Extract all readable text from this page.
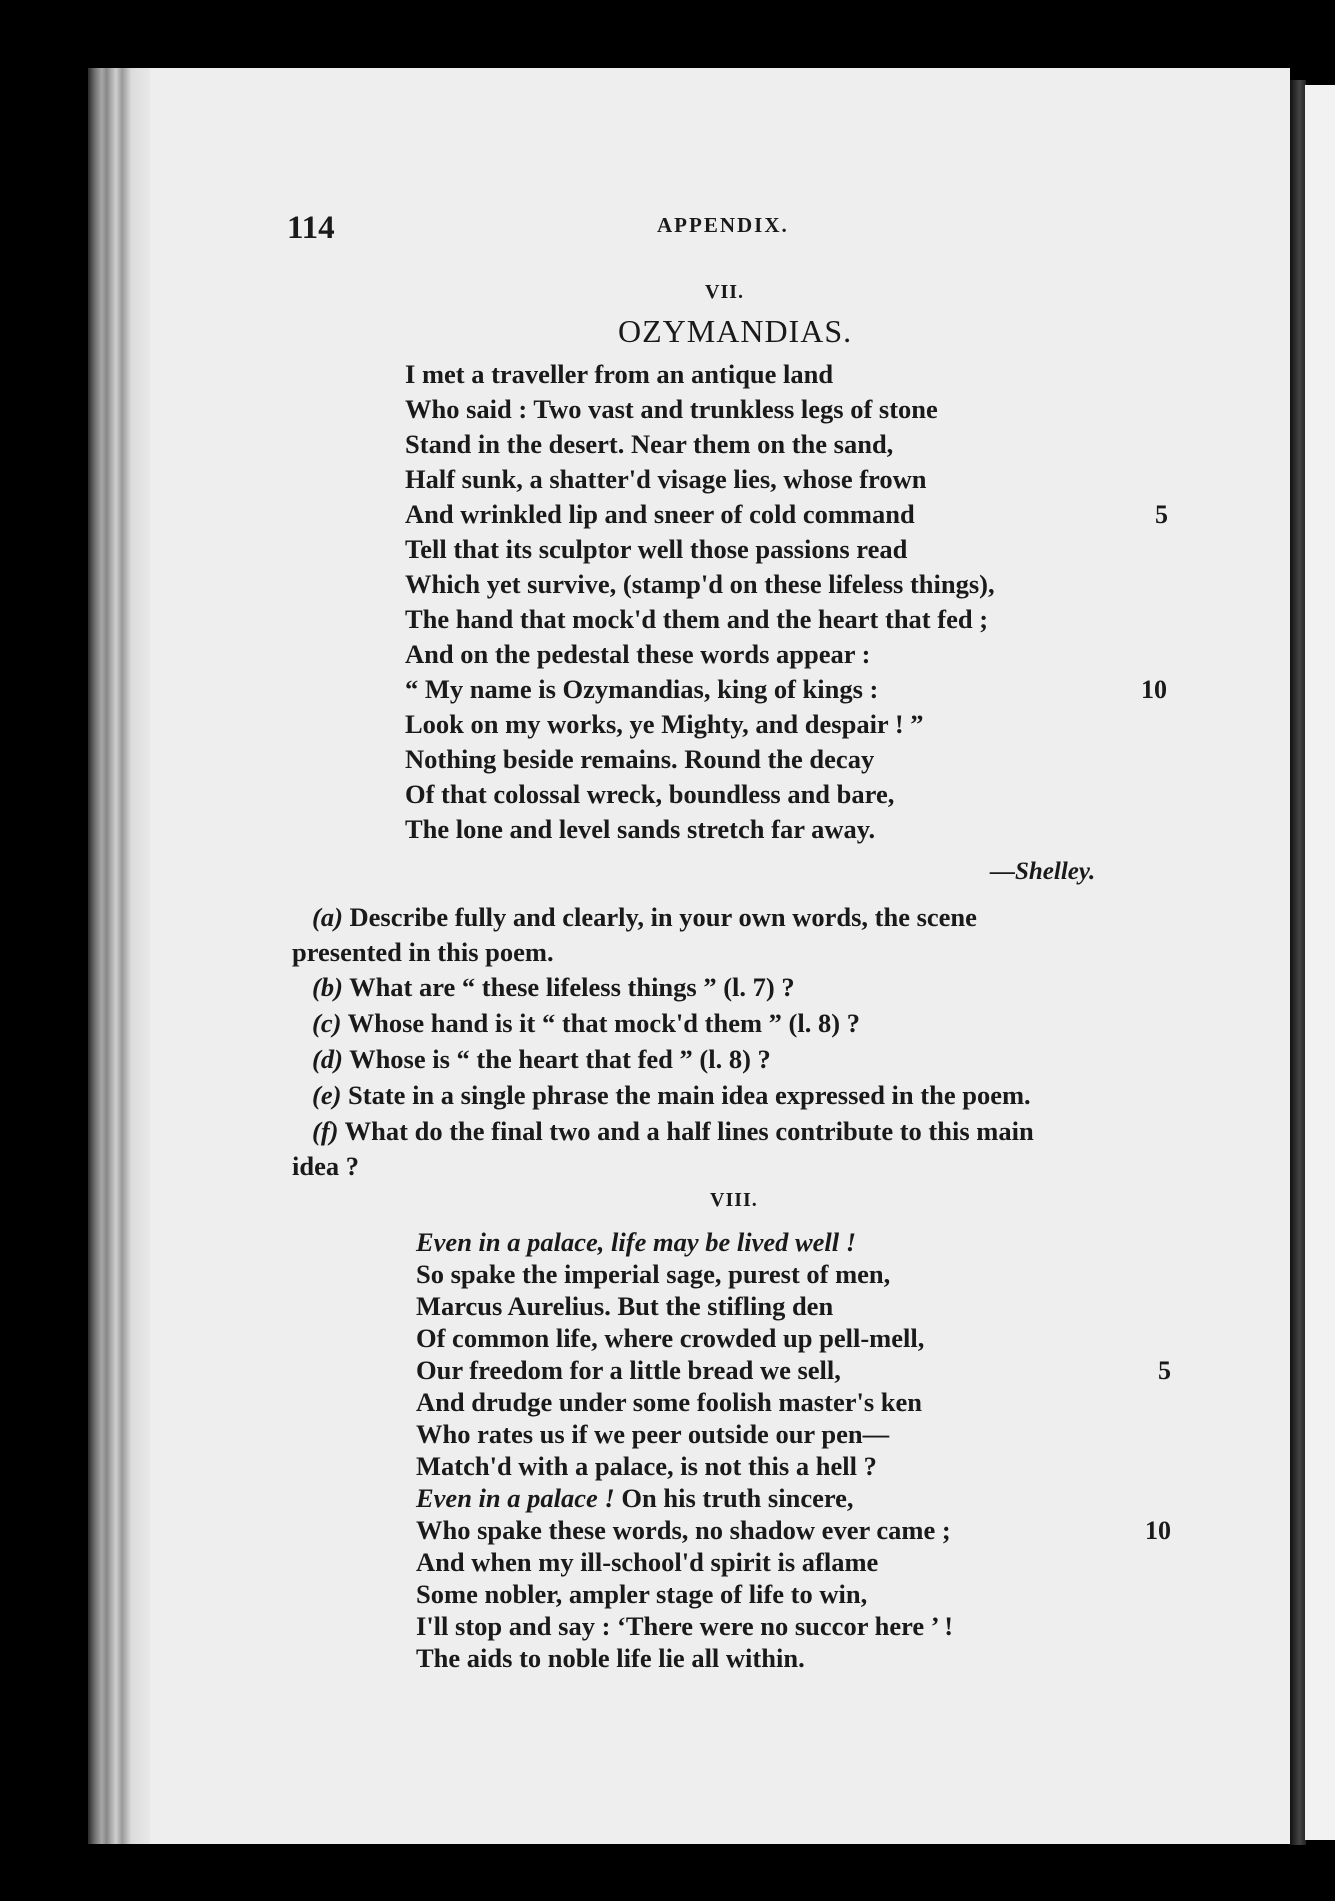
114	APPENDIX.
VII.
OZYMANDIAS.
I met a traveller from an antique land
Who said : Two vast and trunkless legs of stone
Stand in the desert. Near them on the sand,
Half sunk, a shatter'd visage lies, whose frown
And wrinkled lip and sneer of cold command
Tell that its sculptor well those passions read
Which yet survive, (stamp'd on these lifeless things),
The hand that mock'd them and the heart that fed ;
And on the pedestal these words appear :
“ My name is Ozymandias, king of kings :
Look on my works, ye Mighty, and despair ! ”
Nothing beside remains. Round the decay
Of that colossal wreck, boundless and bare,
The lone and level sands stretch far away.
5
10
—Shelley.
(a) Describe fully and clearly, in your own words, the scene
presented in this poem.
(b) What are “ these lifeless things ” (l. 7) ?
(c) Whose hand is it “ that mock'd them ” (l. 8) ?
(d) Whose is “ the heart that fed ” (l. 8) ?
(e) State in a single phrase the main idea expressed in the poem.
(f) What do the final two and a half lines contribute to this main
idea ?
VIII.
Even in a palace, life may be lived well !
So spake the imperial sage, purest of men,
Marcus Aurelius. But the stifling den
Of common life, where crowded up pell-mell,
Our freedom for a little bread we sell,
And drudge under some foolish master's ken
Who rates us if we peer outside our pen—
Match'd with a palace, is not this a hell ?
Even in a palace ! On his truth sincere,
Who spake these words, no shadow ever came ;
And when my ill-school'd spirit is aflame
Some nobler, ampler stage of life to win,
I'll stop and say : ‘There were no succor here ’ !
The aids to noble life lie all within.
5
10
